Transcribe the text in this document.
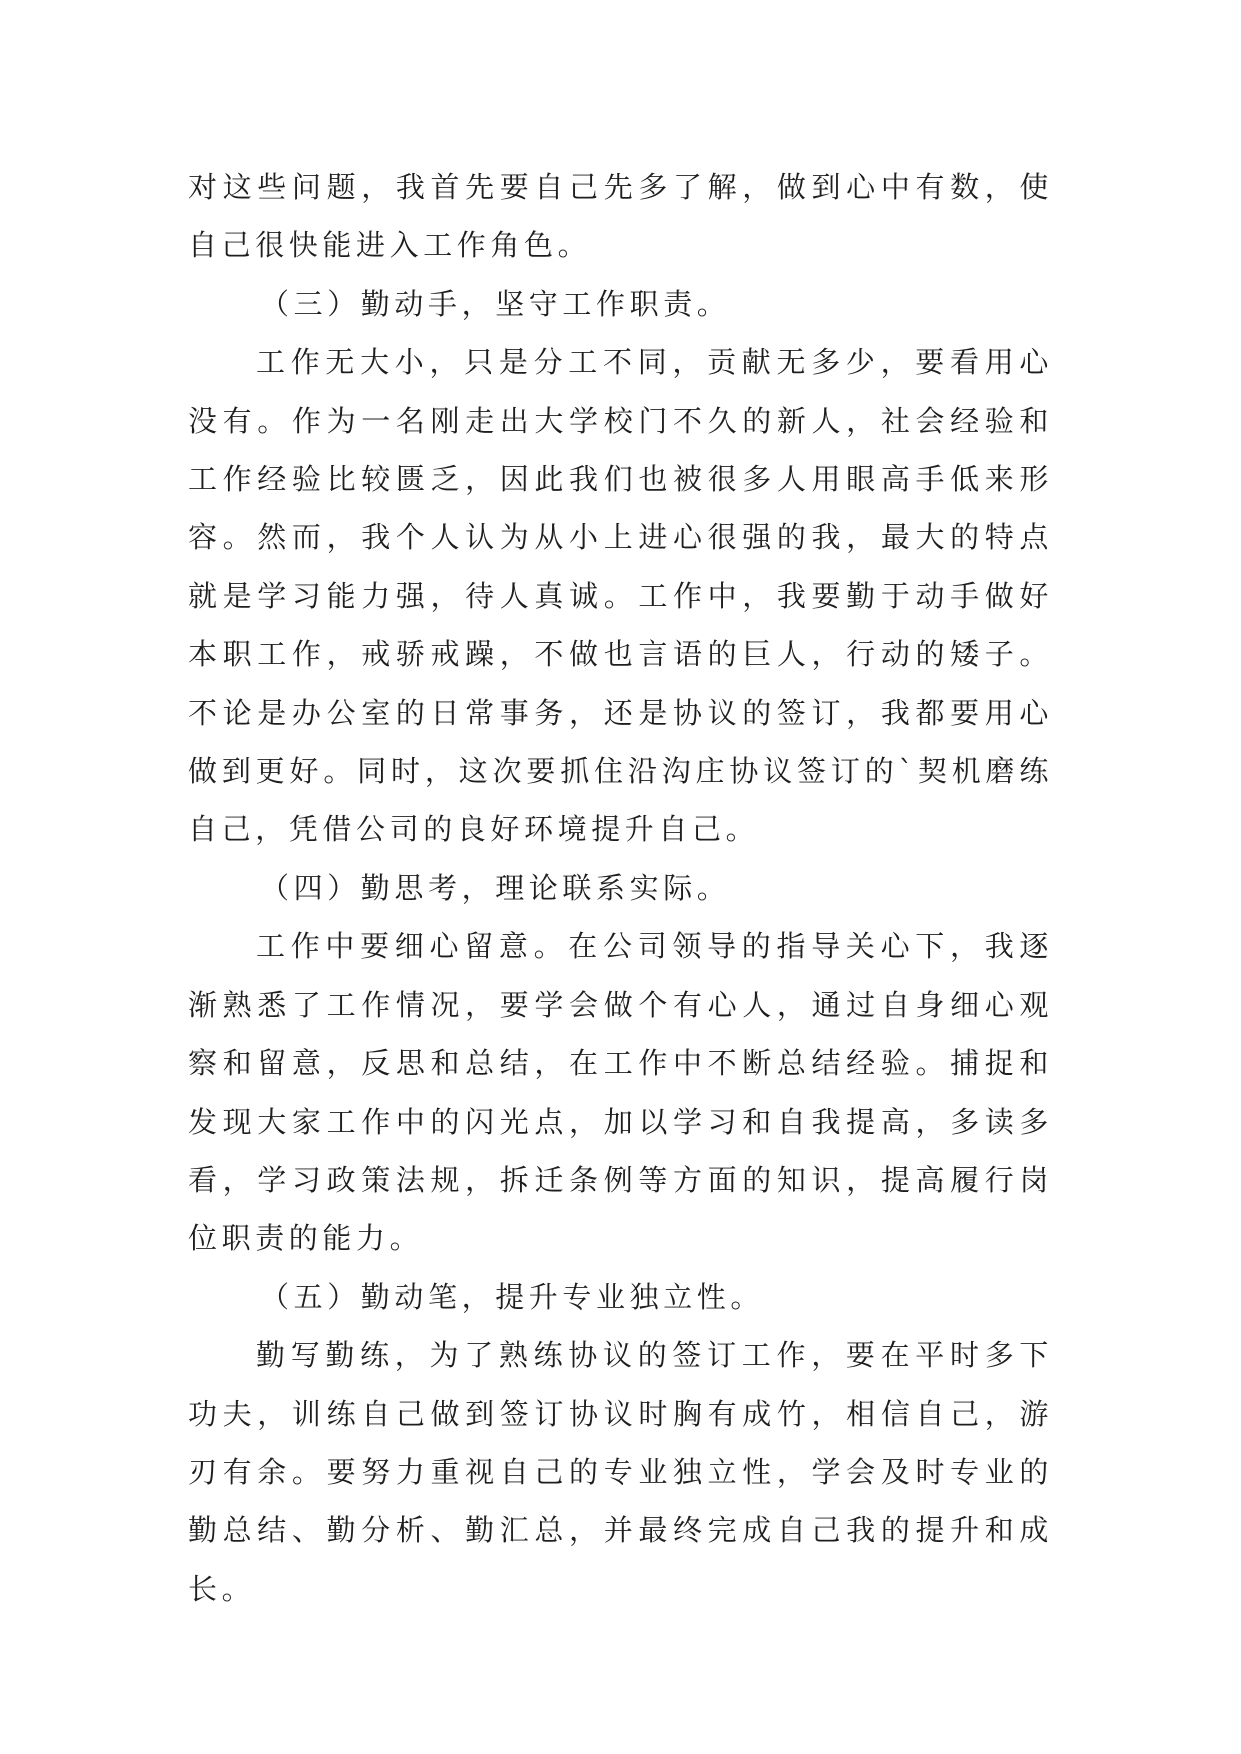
对这些问题，我首先要自己先多了解，做到心中有数，使自己很快能进入工作角色。

（三）勤动手，坚守工作职责。

工作无大小，只是分工不同，贡献无多少，要看用心没有。作为一名刚走出大学校门不久的新人，社会经验和工作经验比较匮乏，因此我们也被很多人用眼高手低来形容。然而，我个人认为从小上进心很强的我，最大的特点就是学习能力强，待人真诚。工作中，我要勤于动手做好本职工作，戒骄戒躁，不做也言语的巨人，行动的矮子。不论是办公室的日常事务，还是协议的签订，我都要用心做到更好。同时，这次要抓住沿沟庄协议签订的`契机磨练自己，凭借公司的良好环境提升自己。

（四）勤思考，理论联系实际。

工作中要细心留意。在公司领导的指导关心下，我逐渐熟悉了工作情况，要学会做个有心人，通过自身细心观察和留意，反思和总结，在工作中不断总结经验。捕捉和发现大家工作中的闪光点，加以学习和自我提高，多读多看，学习政策法规，拆迁条例等方面的知识，提高履行岗位职责的能力。

（五）勤动笔，提升专业独立性。

勤写勤练，为了熟练协议的签订工作，要在平时多下功夫，训练自己做到签订协议时胸有成竹，相信自己，游刃有余。要努力重视自己的专业独立性，学会及时专业的勤总结、勤分析、勤汇总，并最终完成自己我的提升和成长。
